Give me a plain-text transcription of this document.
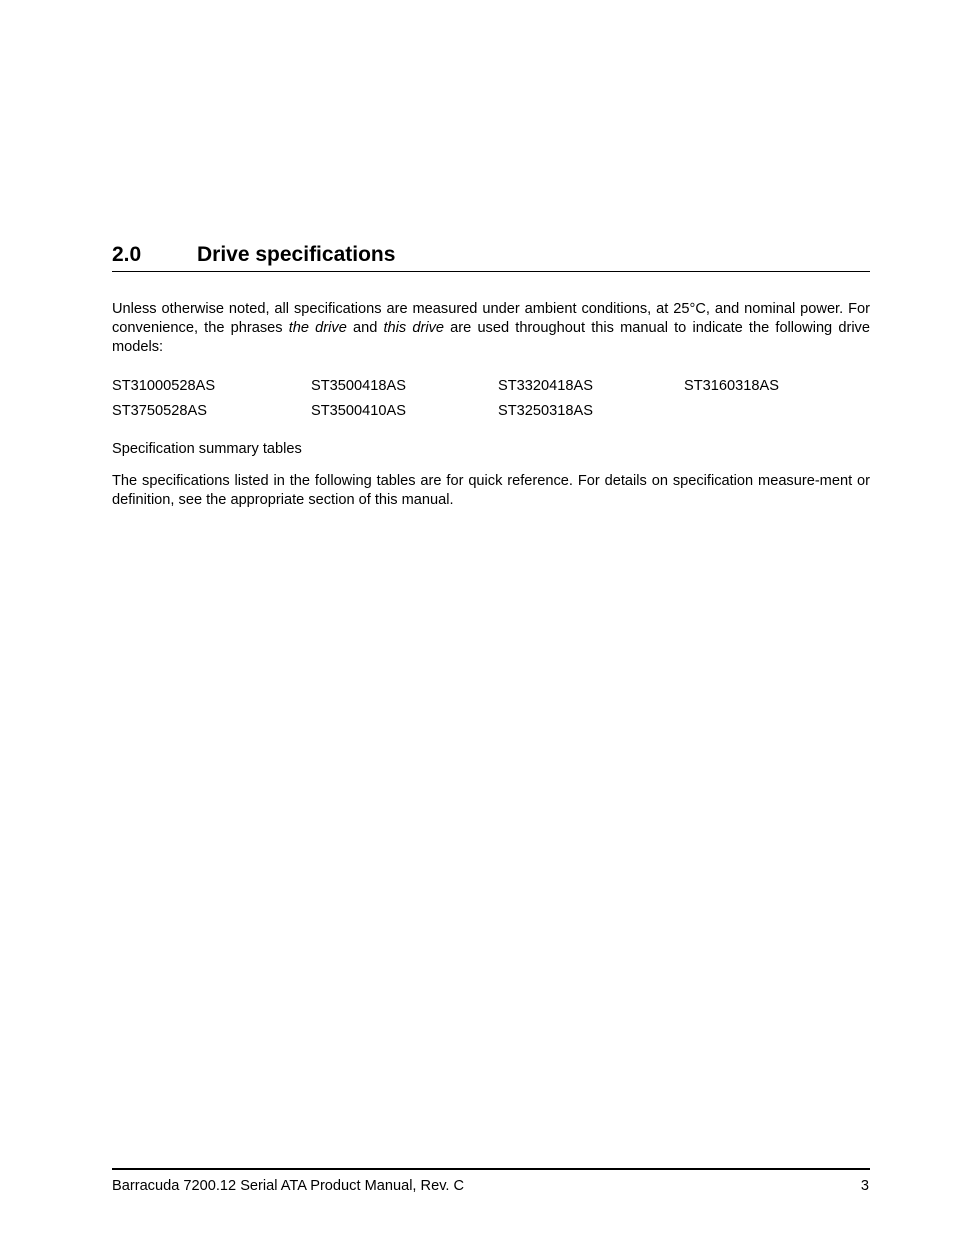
2.0	Drive specifications
Unless otherwise noted, all specifications are measured under ambient conditions, at 25°C, and nominal power. For convenience, the phrases the drive and this drive are used throughout this manual to indicate the following drive models:
ST31000528AS	ST3500418AS	ST3320418AS	ST3160318AS
ST3750528AS	ST3500410AS	ST3250318AS
Specification summary tables
The specifications listed in the following tables are for quick reference. For details on specification measure-ment or definition, see the appropriate section of this manual.
Barracuda 7200.12 Serial ATA Product Manual, Rev. C	3
